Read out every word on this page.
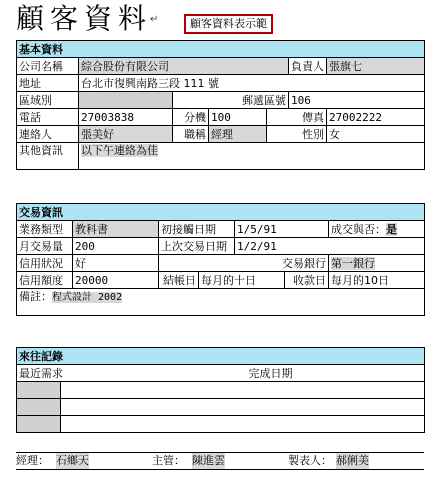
顧客資料
↵	顧客資料表示範
基本資料						
公司名稱	綜合股份有限公司				負責人	張旗七
地址	台北市復興南路三段 111 號					
區域別		郵遞區號			106	
電話	27003838	分機	100	傳真		27002222
連絡人	張美好	職稱	經理	性別		女
其他資訊	以下午連絡為佳					
交易資訊						
業務類型	教科書	初接觸日期		1/5/91		成交與否：是
月交易量	200	上次交易日期		1/2/91		
信用狀況	好	交易銀行				第一銀行
信用額度	20000	結帳日	每月的十日		收款日	每月的10日
備註：程式設計 2002						
來往記錄		
最近需求		完成日期

經理： 石鄉天	主管： 陳進雲	製表人： 郝俐美
